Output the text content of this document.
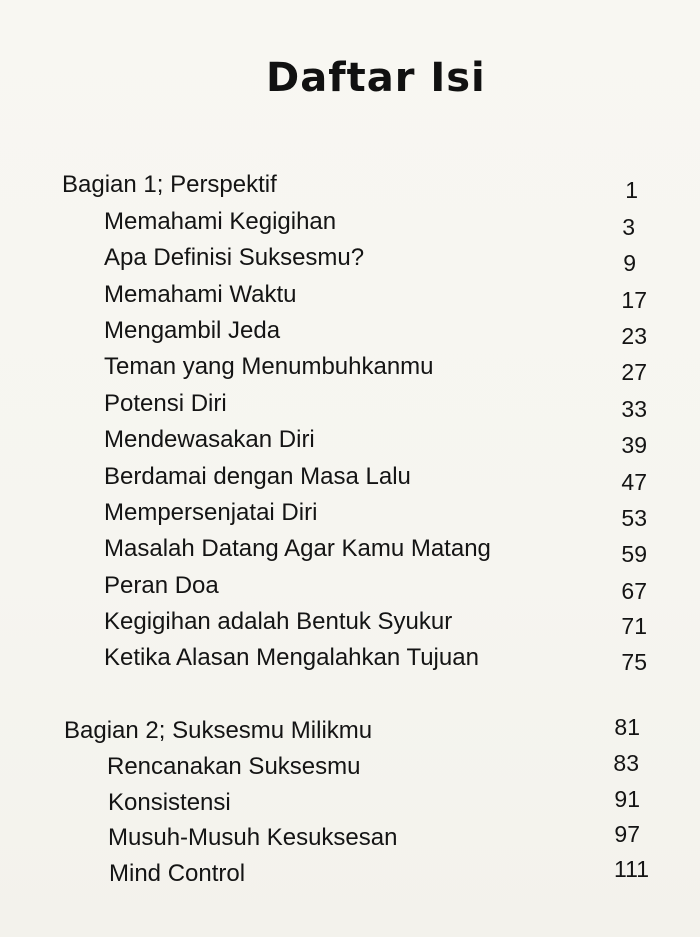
Daftar Isi
Bagian 1; Perspektif	1
Memahami Kegigihan	3
Apa Definisi Suksesmu?	9
Memahami Waktu	17
Mengambil Jeda	23
Teman yang Menumbuhkanmu	27
Potensi Diri	33
Mendewasakan Diri	39
Berdamai dengan Masa Lalu	47
Mempersenjatai Diri	53
Masalah Datang Agar Kamu Matang	59
Peran Doa	67
Kegigihan adalah Bentuk Syukur	71
Ketika Alasan Mengalahkan Tujuan	75
Bagian 2; Suksesmu Milikmu	81
Rencanakan Suksesmu	83
Konsistensi	91
Musuh-Musuh Kesuksesan	97
Mind Control	111
